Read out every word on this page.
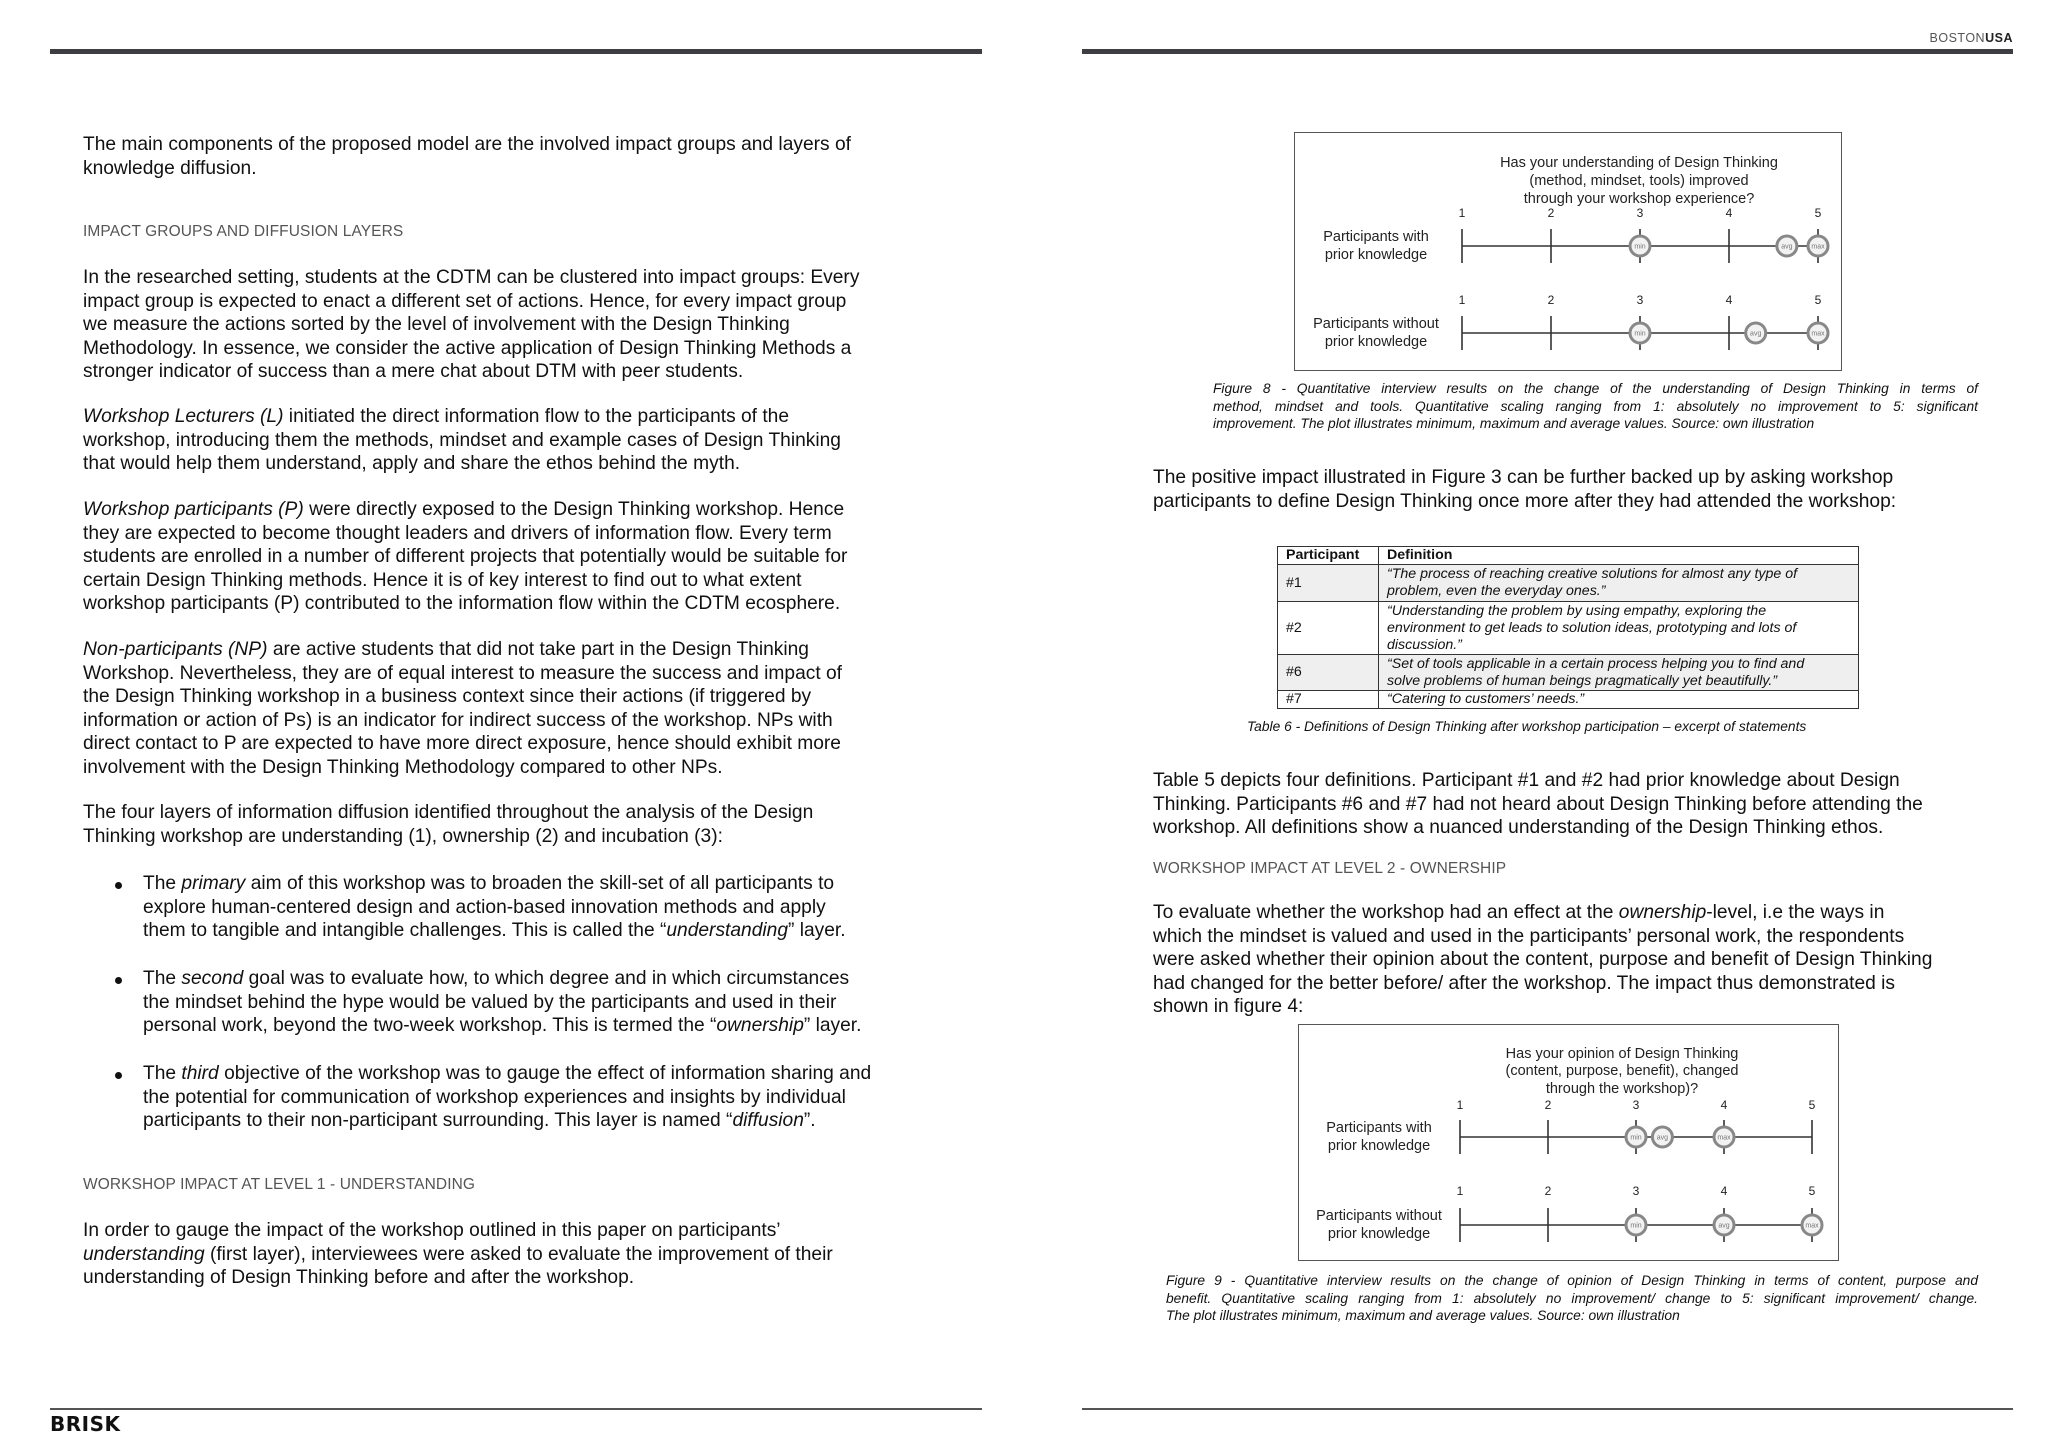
BOSTONUSA
BRISK
The main components of the proposed model are the involved impact groups and layers of
knowledge diffusion.
IMPACT GROUPS AND DIFFUSION LAYERS
In the researched setting, students at the CDTM can be clustered into impact groups: Every
impact group is expected to enact a different set of actions. Hence, for every impact group
we measure the actions sorted by the level of involvement with the Design Thinking
Methodology. In essence, we consider the active application of Design Thinking Methods a
stronger indicator of success than a mere chat about DTM with peer students.
Workshop Lecturers (L) initiated the direct information flow to the participants of the
workshop, introducing them the methods, mindset and example cases of Design Thinking
that would help them understand, apply and share the ethos behind the myth.
Workshop participants (P) were directly exposed to the Design Thinking workshop. Hence
they are expected to become thought leaders and drivers of information flow. Every term
students are enrolled in a number of different projects that potentially would be suitable for
certain Design Thinking methods. Hence it is of key interest to find out to what extent
workshop participants (P) contributed to the information flow within the CDTM ecosphere.
Non-participants (NP) are active students that did not take part in the Design Thinking
Workshop. Nevertheless, they are of equal interest to measure the success and impact of
the Design Thinking workshop in a business context since their actions (if triggered by
information or action of Ps) is an indicator for indirect success of the workshop. NPs with
direct contact to P are expected to have more direct exposure, hence should exhibit more
involvement with the Design Thinking Methodology compared to other NPs.
The four layers of information diffusion identified throughout the analysis of the Design
Thinking workshop are understanding (1), ownership (2) and incubation (3):
The primary aim of this workshop was to broaden the skill-set of all participants to
explore human-centered design and action-based innovation methods and apply
them to tangible and intangible challenges. This is called the “understanding” layer.
The second goal was to evaluate how, to which degree and in which circumstances
the mindset behind the hype would be valued by the participants and used in their
personal work, beyond the two-week workshop. This is termed the “ownership” layer.
The third objective of the workshop was to gauge the effect of information sharing and
the potential for communication of workshop experiences and insights by individual
participants to their non-participant surrounding. This layer is named “diffusion”.
WORKSHOP IMPACT AT LEVEL 1 - UNDERSTANDING
In order to gauge the impact of the workshop outlined in this paper on participants’
understanding (first layer), interviewees were asked to evaluate the improvement of their
understanding of Design Thinking before and after the workshop.
Has your understanding of Design Thinking
(method, mindset, tools) improved
through your workshop experience?
1	2	3	4	5
Participants with
prior knowledge	min	avg	max
1	2	3	4	5
Participants without
prior knowledge	min	avg	max
Figure 8 - Quantitative interview results on the change of the understanding of Design Thinking in terms of
method, mindset and tools. Quantitative scaling ranging from 1: absolutely no improvement to 5: significant
improvement. The plot illustrates minimum, maximum and average values. Source: own illustration
The positive impact illustrated in Figure 3 can be further backed up by asking workshop
participants to define Design Thinking once more after they had attended the workshop:
Participant	Definition
#1	“The process of reaching creative solutions for almost any type of
problem, even the everyday ones.”

#2	“Understanding the problem by using empathy, exploring the
environment to get leads to solution ideas, prototyping and lots of
discussion.”

#6	“Set of tools applicable in a certain process helping you to find and
solve problems of human beings pragmatically yet beautifully.”

#7	“Catering to customers’ needs.”
Table 6 - Definitions of Design Thinking after workshop participation – excerpt of statements
Table 5 depicts four definitions. Participant #1 and #2 had prior knowledge about Design
Thinking. Participants #6 and #7 had not heard about Design Thinking before attending the
workshop. All definitions show a nuanced understanding of the Design Thinking ethos.
WORKSHOP IMPACT AT LEVEL 2 - OWNERSHIP
To evaluate whether the workshop had an effect at the ownership-level, i.e the ways in
which the mindset is valued and used in the participants’ personal work, the respondents
were asked whether their opinion about the content, purpose and benefit of Design Thinking
had changed for the better before/ after the workshop. The impact thus demonstrated is
shown in figure 4:
Has your opinion of Design Thinking
(content, purpose, benefit), changed
through the workshop)?
1	2	3	4	5
Participants with
prior knowledge	min avg	max
1	2	3	4	5
Participants without
prior knowledge	min	avg	max
Figure 9 - Quantitative interview results on the change of opinion of Design Thinking in terms of content, purpose and
benefit. Quantitative scaling ranging from 1: absolutely no improvement/ change to 5: significant improvement/ change.
The plot illustrates minimum, maximum and average values. Source: own illustration
